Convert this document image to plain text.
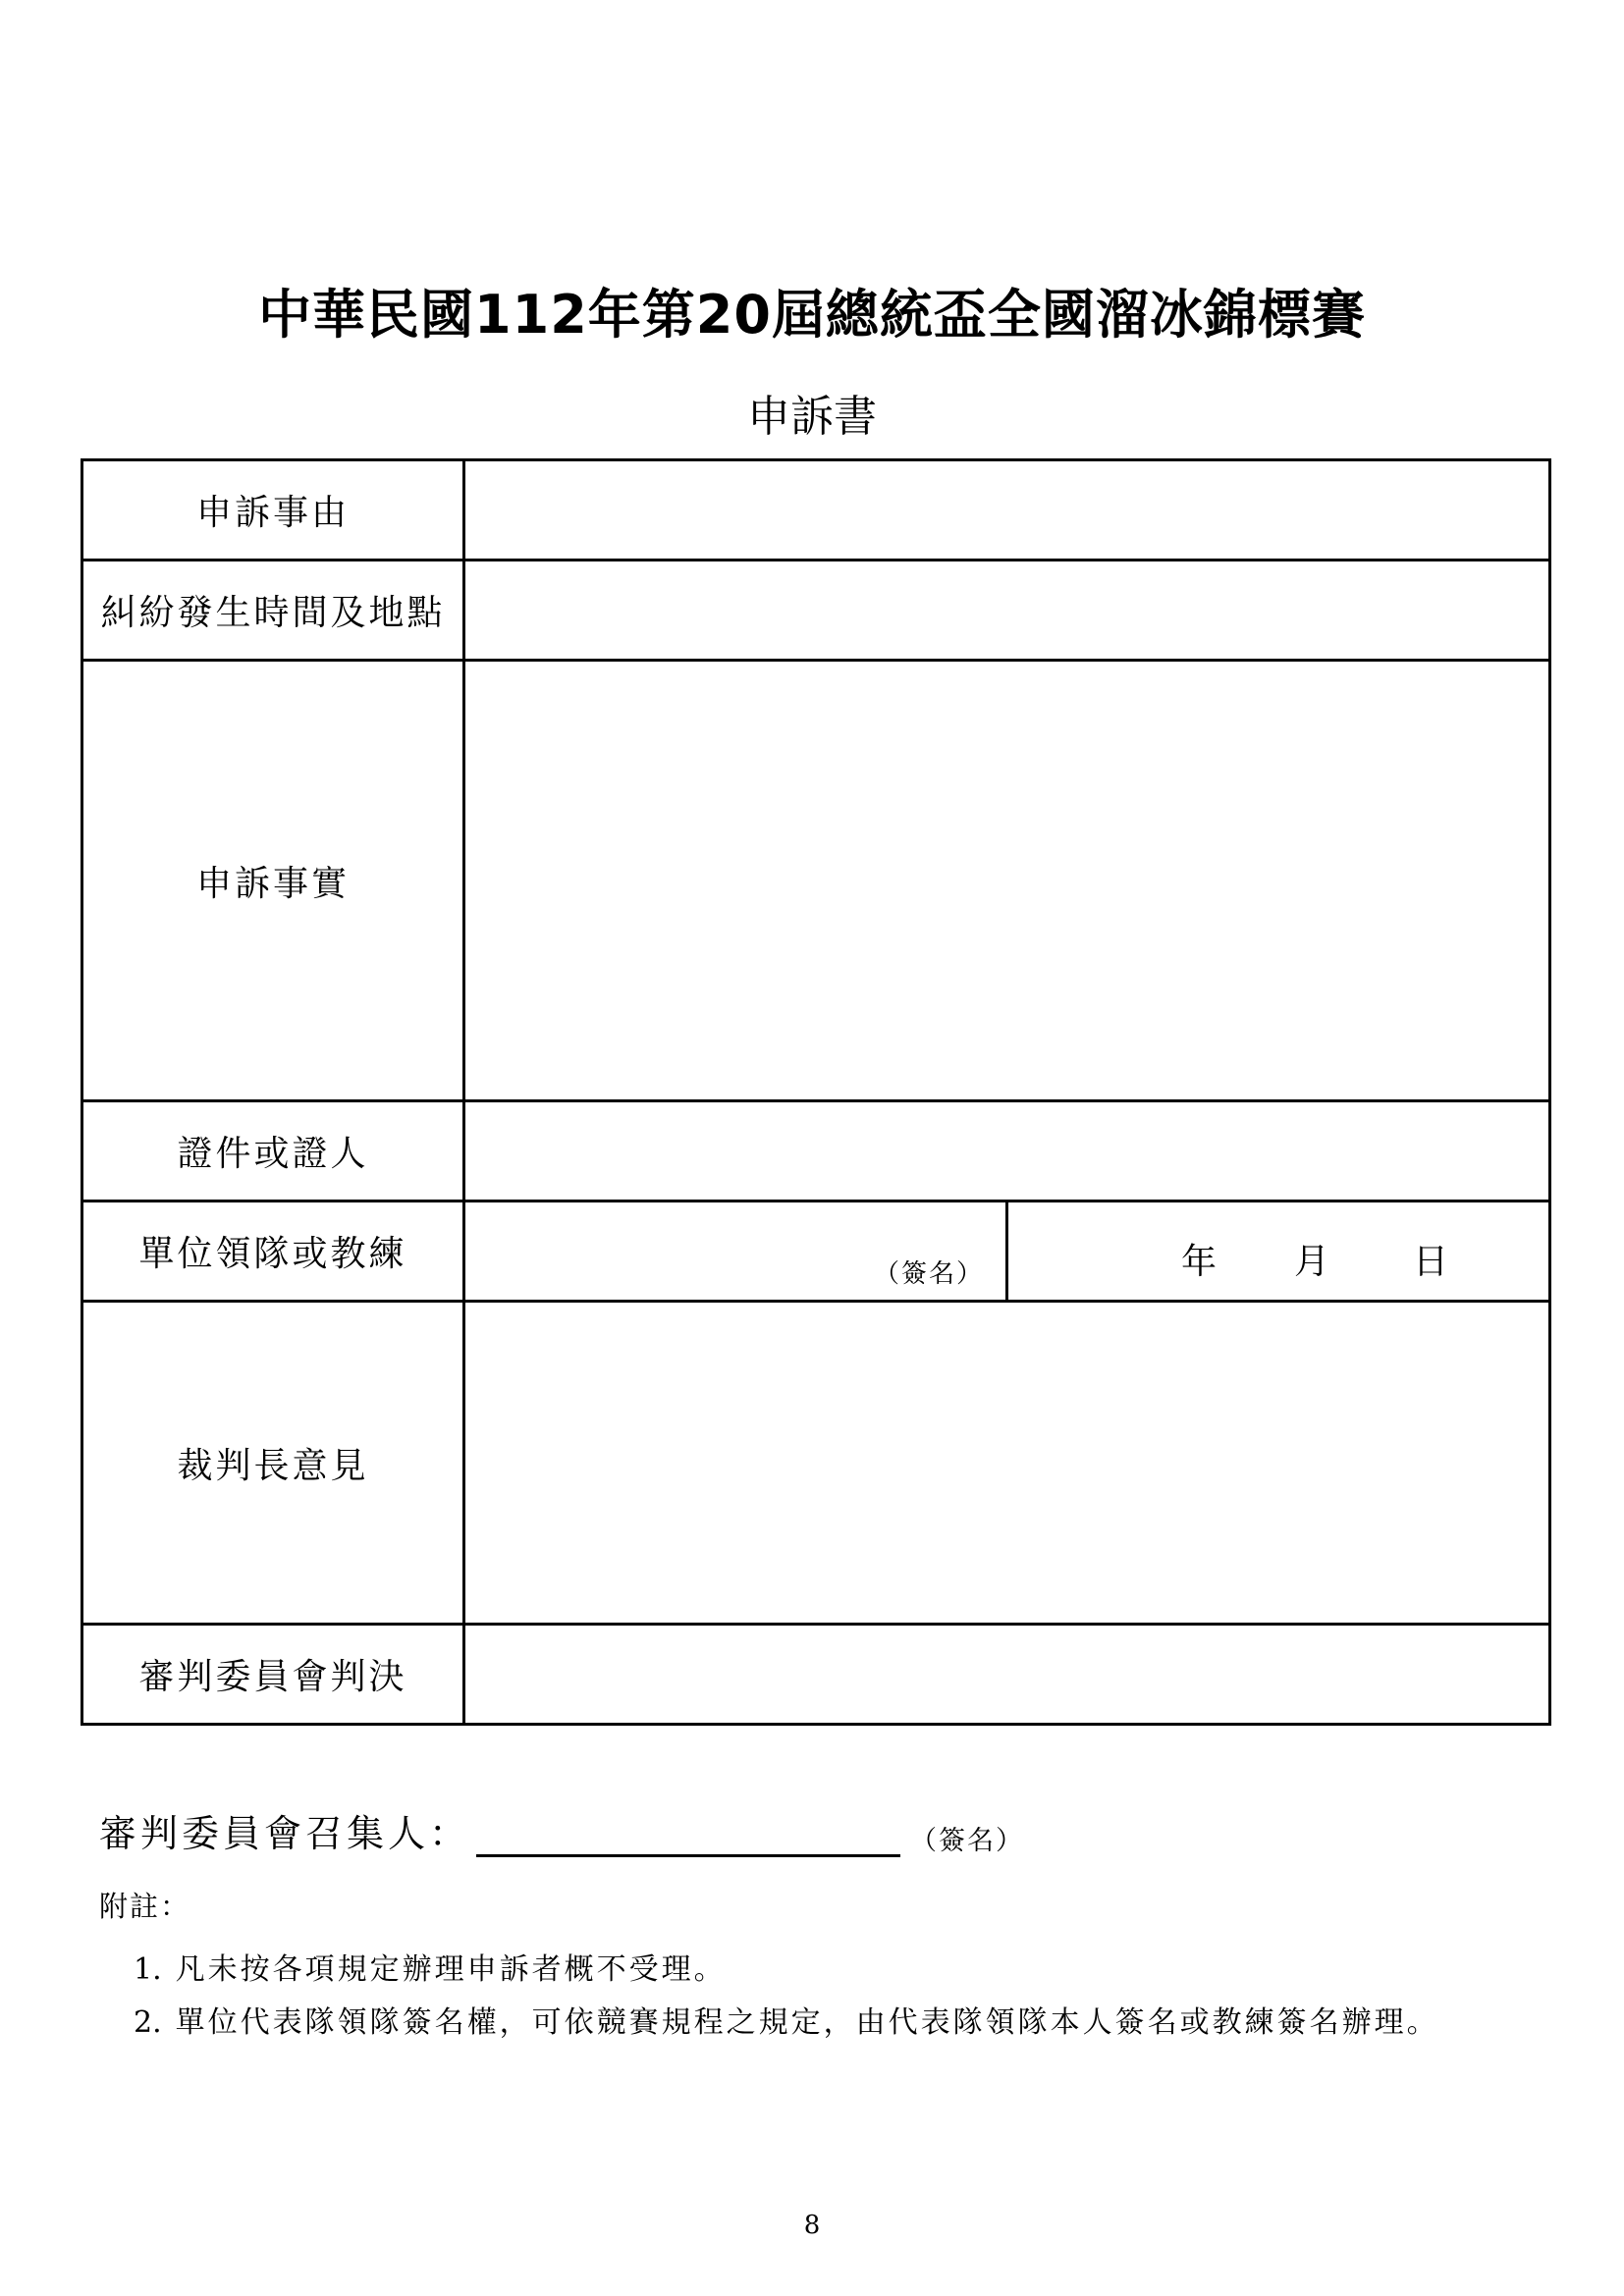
中華民國112年第20屆總統盃全國溜冰錦標賽
申訴書
申訴事由		
糾紛發生時間及地點		
申訴事實		
證件或證人		
單位領隊或教練	（簽名）	年 月 日

裁判長意見		
審判委員會判決		
審判委員會召集人：	（簽名）
附註：
1. 凡未按各項規定辦理申訴者概不受理。
2. 單位代表隊領隊簽名權，可依競賽規程之規定，由代表隊領隊本人簽名或教練簽名辦理。
8
